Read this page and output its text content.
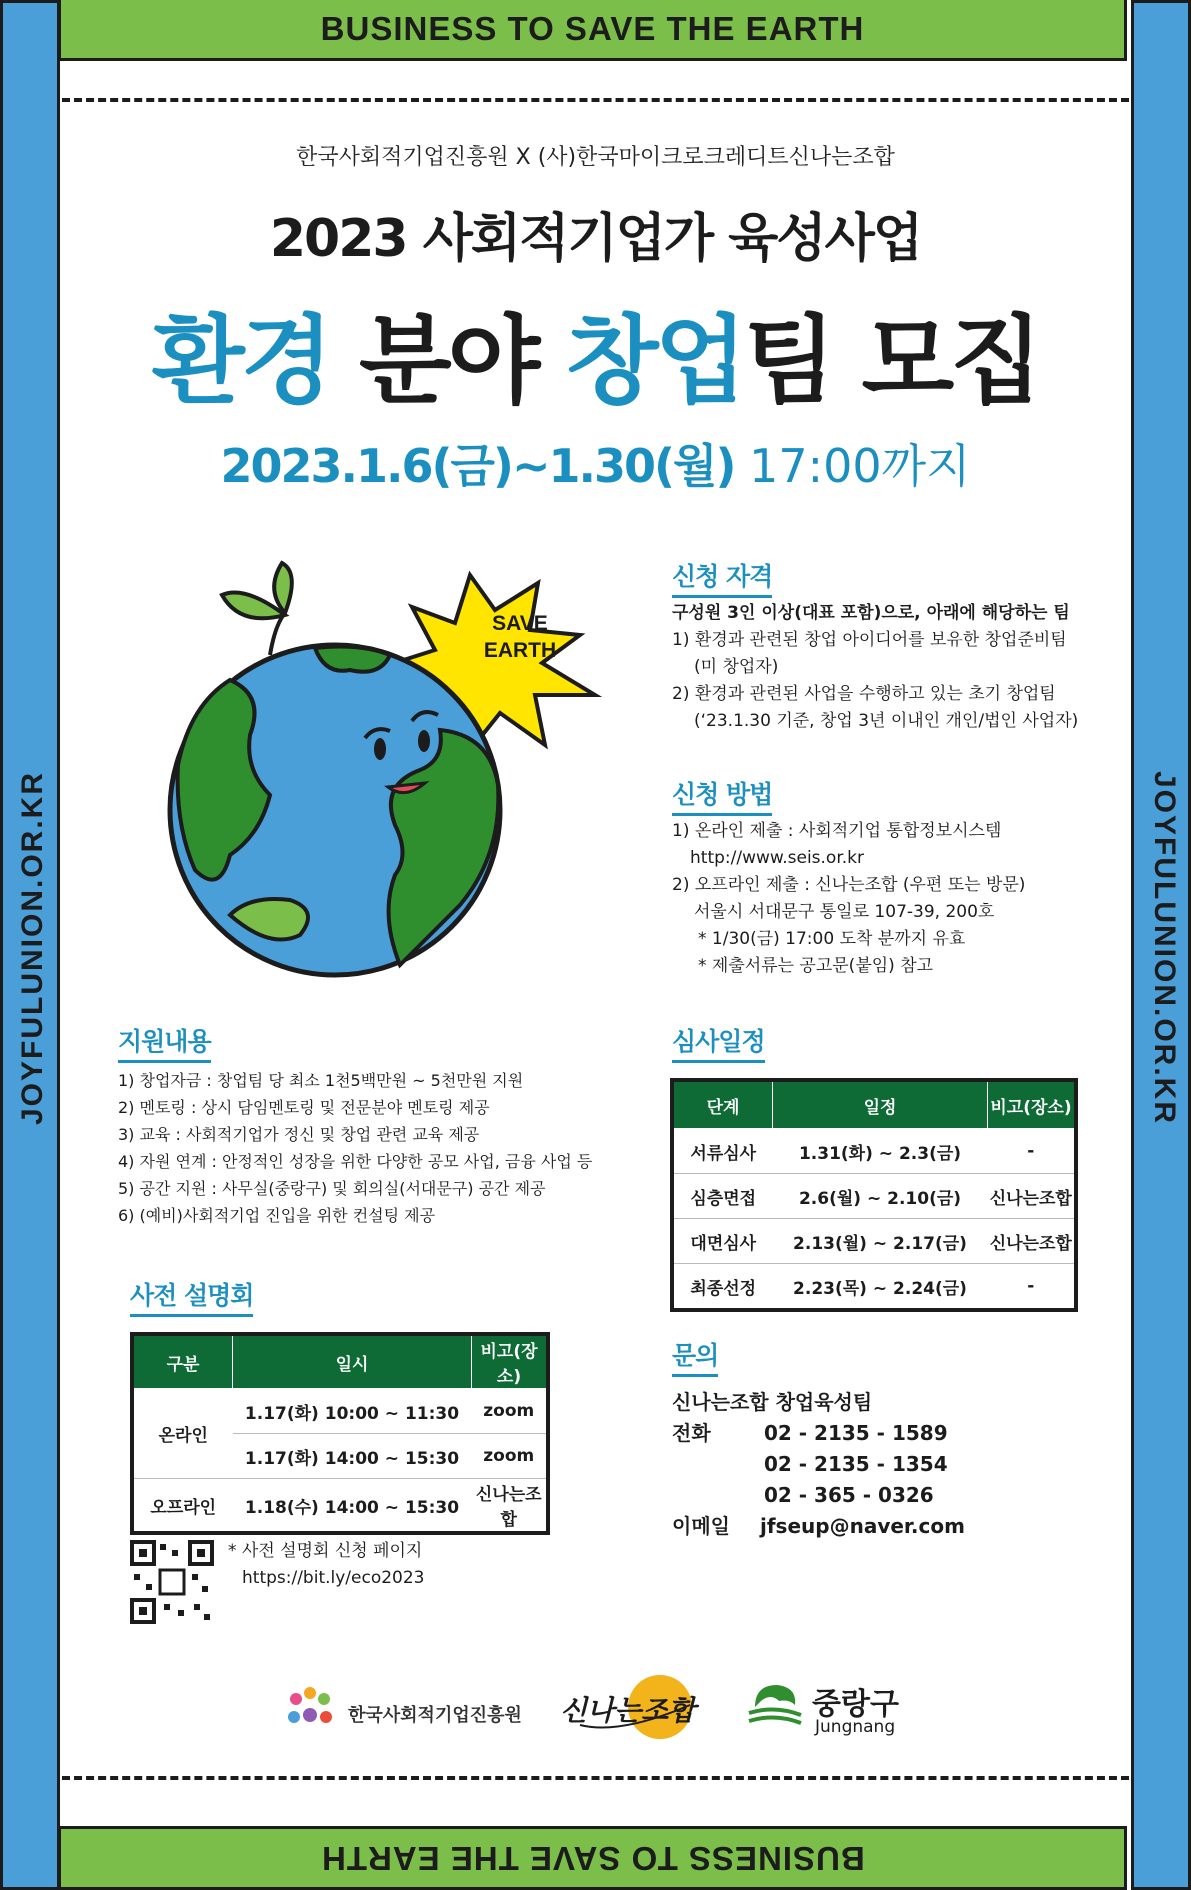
JOYFULUNION.OR.KR	JOYFULUNION.OR.KR
BUSINESS TO SAVE THE EARTH
BUSINESS TO SAVE THE EARTH
한국사회적기업진흥원 X (사)한국마이크로크레디트신나는조합
2023 사회적기업가 육성사업
환경 분야 창업팀 모집
2023.1.6(금)~1.30(월) 17:00까지
SAVE
EARTH
신청 자격
구성원 3인 이상(대표 포함)으로, 아래에 해당하는 팀
1) 환경과 관련된 창업 아이디어를 보유한 창업준비팀
(미 창업자)
2) 환경과 관련된 사업을 수행하고 있는 초기 창업팀
(‘23.1.30 기준, 창업 3년 이내인 개인/법인 사업자)
신청 방법
1) 온라인 제출 : 사회적기업 통합정보시스템
http://www.seis.or.kr
2) 오프라인 제출 : 신나는조합 (우편 또는 방문)
서울시 서대문구 통일로 107-39, 200호
* 1/30(금) 17:00 도착 분까지 유효
* 제출서류는 공고문(붙임) 참고
지원내용
1) 창업자금 : 창업팀 당 최소 1천5백만원 ~ 5천만원 지원
2) 멘토링 : 상시 담임멘토링 및 전문분야 멘토링 제공
3) 교육 : 사회적기업가 정신 및 창업 관련 교육 제공
4) 자원 연계 : 안정적인 성장을 위한 다양한 공모 사업, 금융 사업 등
5) 공간 지원 : 사무실(중랑구) 및 회의실(서대문구) 공간 제공
6) (예비)사회적기업 진입을 위한 컨설팅 제공
심사일정
단계	일정	비고(장소)
서류심사	1.31(화) ~ 2.3(금)	-
심층면접	2.6(월) ~ 2.10(금)	신나는조합
대면심사	2.13(월) ~ 2.17(금)	신나는조합
최종선정	2.23(목) ~ 2.24(금)	-
사전 설명회
구분	일시	비고(장소)
온라인	1.17(화) 10:00 ~ 11:30	zoom
	1.17(화) 14:00 ~ 15:30	zoom
오프라인	1.18(수) 14:00 ~ 15:30	신나는조합
* 사전 설명회 신청 페이지
https://bit.ly/eco2023
문의
신나는조합 창업육성팀
전화	02 - 2135 - 1589
02 - 2135 - 1354
02 - 365 - 0326
이메일 jfseup@naver.com
한국사회적기업진흥원 신나는조합	중랑구
Jungnang
